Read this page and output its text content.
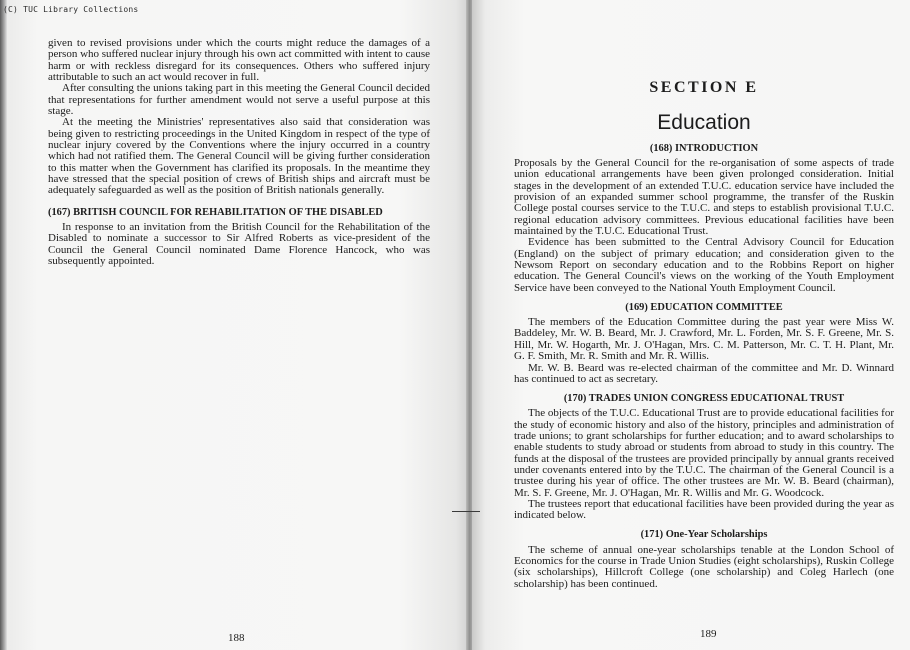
(C) TUC Library Collections

given to revised provisions under which the courts might reduce the damages of a person who suffered nuclear injury through his own act committed with intent to cause harm or with reckless disregard for its consequences. Others who suffered injury attributable to such an act would recover in full.

After consulting the unions taking part in this meeting the General Council decided that representations for further amendment would not serve a useful purpose at this stage.

At the meeting the Ministries' representatives also said that consideration was being given to restricting proceedings in the United Kingdom in respect of the type of nuclear injury covered by the Conventions where the injury occurred in a country which had not ratified them. The General Council will be giving further consideration to this matter when the Government has clarified its proposals. In the meantime they have stressed that the special position of crews of British ships and aircraft must be adequately safeguarded as well as the position of British nationals generally.

(167) BRITISH COUNCIL FOR REHABILITATION OF THE DISABLED

In response to an invitation from the British Council for the Rehabilitation of the Disabled to nominate a successor to Sir Alfred Roberts as vice-president of the Council the General Council nominated Dame Florence Hancock, who was subsequently appointed.

188
SECTION E
Education
(168) INTRODUCTION

Proposals by the General Council for the re-organisation of some aspects of trade union educational arrangements have been given prolonged consideration. Initial stages in the development of an extended T.U.C. education service have included the provision of an expanded summer school programme, the transfer of the Ruskin College postal courses service to the T.U.C. and steps to establish provisional T.U.C. regional education advisory committees. Previous educational facilities have been maintained by the T.U.C. Educational Trust.

Evidence has been submitted to the Central Advisory Council for Education (England) on the subject of primary education; and consideration given to the Newsom Report on secondary education and to the Robbins Report on higher education. The General Council's views on the working of the Youth Employment Service have been conveyed to the National Youth Employment Council.

(169) EDUCATION COMMITTEE

The members of the Education Committee during the past year were Miss W. Baddeley, Mr. W. B. Beard, Mr. J. Crawford, Mr. L. Forden, Mr. S. F. Greene, Mr. S. Hill, Mr. W. Hogarth, Mr. J. O'Hagan, Mrs. C. M. Patterson, Mr. C. T. H. Plant, Mr. G. F. Smith, Mr. R. Smith and Mr. R. Willis.

Mr. W. B. Beard was re-elected chairman of the committee and Mr. D. Winnard has continued to act as secretary.

(170) TRADES UNION CONGRESS EDUCATIONAL TRUST

The objects of the T.U.C. Educational Trust are to provide educational facilities for the study of economic history and also of the history, principles and administration of trade unions; to grant scholarships for further education; and to award scholarships to enable students to study abroad or students from abroad to study in this country. The funds at the disposal of the trustees are provided principally by annual grants received under covenants entered into by the T.U.C. The chairman of the General Council is a trustee during his year of office. The other trustees are Mr. W. B. Beard (chairman), Mr. S. F. Greene, Mr. J. O'Hagan, Mr. R. Willis and Mr. G. Woodcock.

The trustees report that educational facilities have been provided during the year as indicated below.

(171) One-Year Scholarships

The scheme of annual one-year scholarships tenable at the London School of Economics for the course in Trade Union Studies (eight scholarships), Ruskin College (six scholarships), Hillcroft College (one scholarship) and Coleg Harlech (one scholarship) has been continued.

189
